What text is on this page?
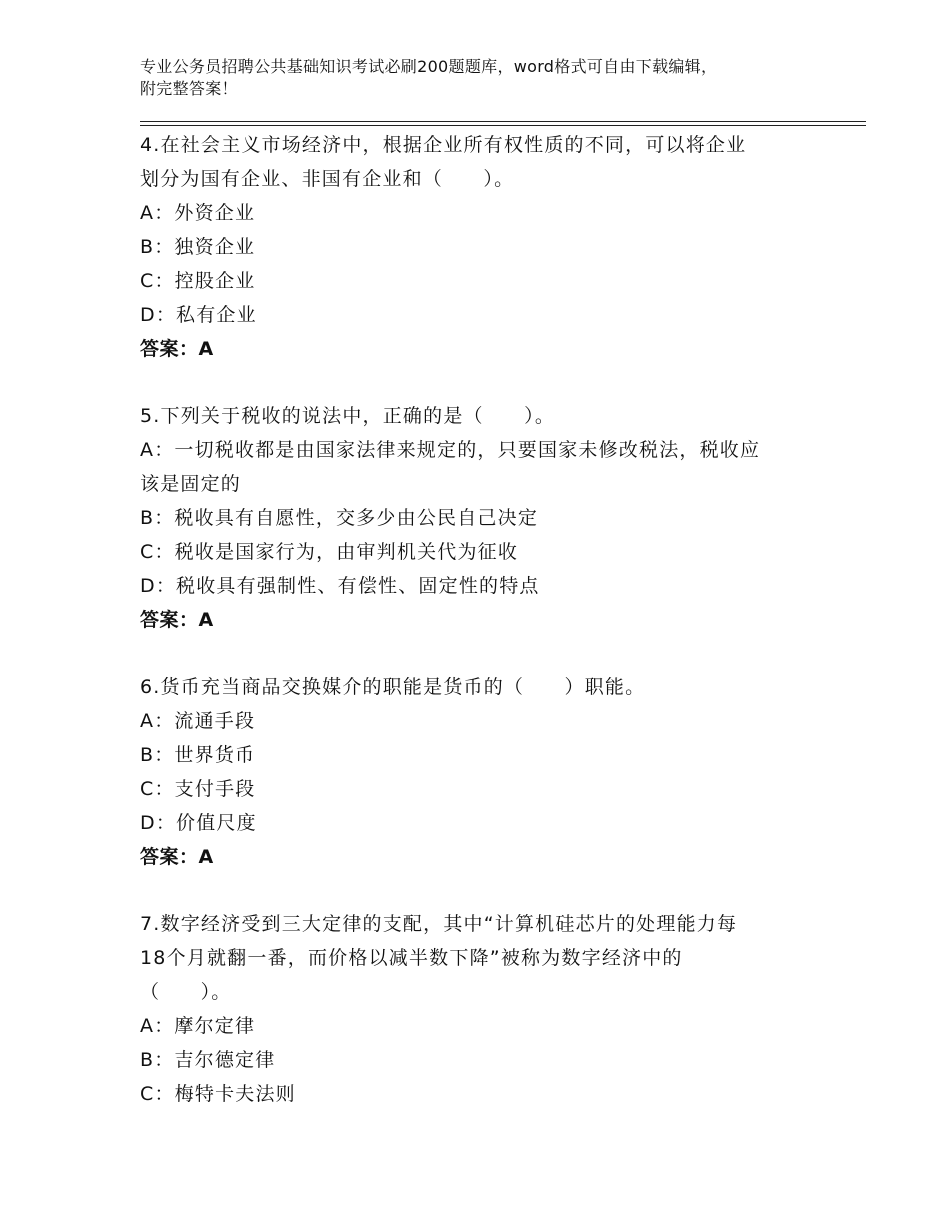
专业公务员招聘公共基础知识考试必刷200题题库，word格式可自由下载编辑，
附完整答案！
4.在社会主义市场经济中，根据企业所有权性质的不同，可以将企业
划分为国有企业、非国有企业和（　　）。
A：外资企业
B：独资企业
C：控股企业
D：私有企业
答案：A
5.下列关于税收的说法中，正确的是（　　）。
A：一切税收都是由国家法律来规定的，只要国家未修改税法，税收应
该是固定的
B：税收具有自愿性，交多少由公民自己决定
C：税收是国家行为，由审判机关代为征收
D：税收具有强制性、有偿性、固定性的特点
答案：A
6.货币充当商品交换媒介的职能是货币的（　　）职能。
A：流通手段
B：世界货币
C：支付手段
D：价值尺度
答案：A
7.数字经济受到三大定律的支配，其中“计算机硅芯片的处理能力每
18个月就翻一番，而价格以减半数下降”被称为数字经济中的
（　　）。
A：摩尔定律
B：吉尔德定律
C：梅特卡夫法则
